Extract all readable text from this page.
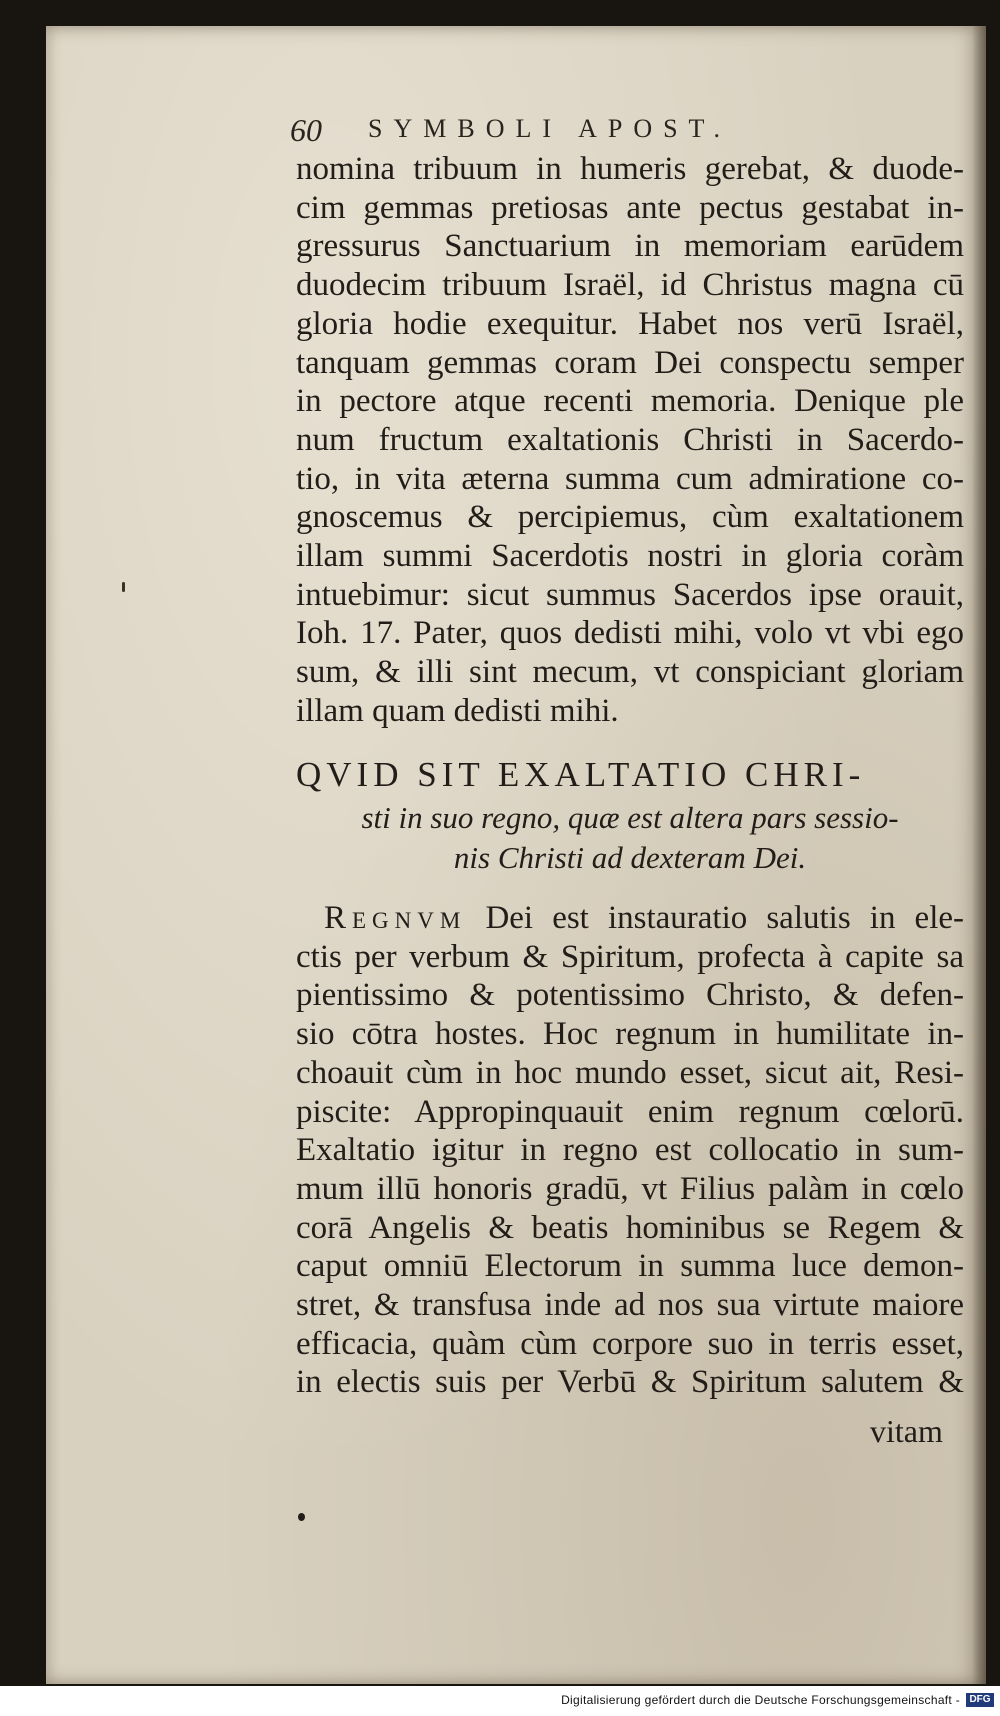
60 SYMBOLI APOST.
nomina tribuum in humeris gerebat, & duode-
cim gemmas pretiosas ante pectus gestabat in-
gressurus Sanctuarium in memoriam earūdem
duodecim tribuum Israël, id Christus magna cū
gloria hodie exequitur. Habet nos verū Israël,
tanquam gemmas coram Dei conspectu semper
in pectore atque recenti memoria. Denique ple
num fructum exaltationis Christi in Sacerdo-
tio, in vita æterna summa cum admiratione co-
gnoscemus & percipiemus, cùm exaltationem
illam summi Sacerdotis nostri in gloria coràm
intuebimur: sicut summus Sacerdos ipse orauit,
Ioh. 17. Pater, quos dedisti mihi, volo vt vbi ego
sum, & illi sint mecum, vt conspiciant gloriam
illam quam dedisti mihi.
QVID SIT EXALTATIO CHRI-
sti in suo regno, quæ est altera pars sessio-
nis Christi ad dexteram Dei.
Regnvm Dei est instauratio salutis in ele-
ctis per verbum & Spiritum, profecta à capite sa
pientissimo & potentissimo Christo, & defen-
sio cōtra hostes. Hoc regnum in humilitate in-
choauit cùm in hoc mundo esset, sicut ait, Resi-
piscite: Appropinquauit enim regnum cœlorū.
Exaltatio igitur in regno est collocatio in sum-
mum illū honoris gradū, vt Filius palàm in cœlo
corā Angelis & beatis hominibus se Regem &
caput omniū Electorum in summa luce demon-
stret, & transfusa inde ad nos sua virtute maiore
efficacia, quàm cùm corpore suo in terris esset,
in electis suis per Verbū & Spiritum salutem &
vitam
Digitalisierung gefördert durch die Deutsche Forschungsgemeinschaft - DFG
